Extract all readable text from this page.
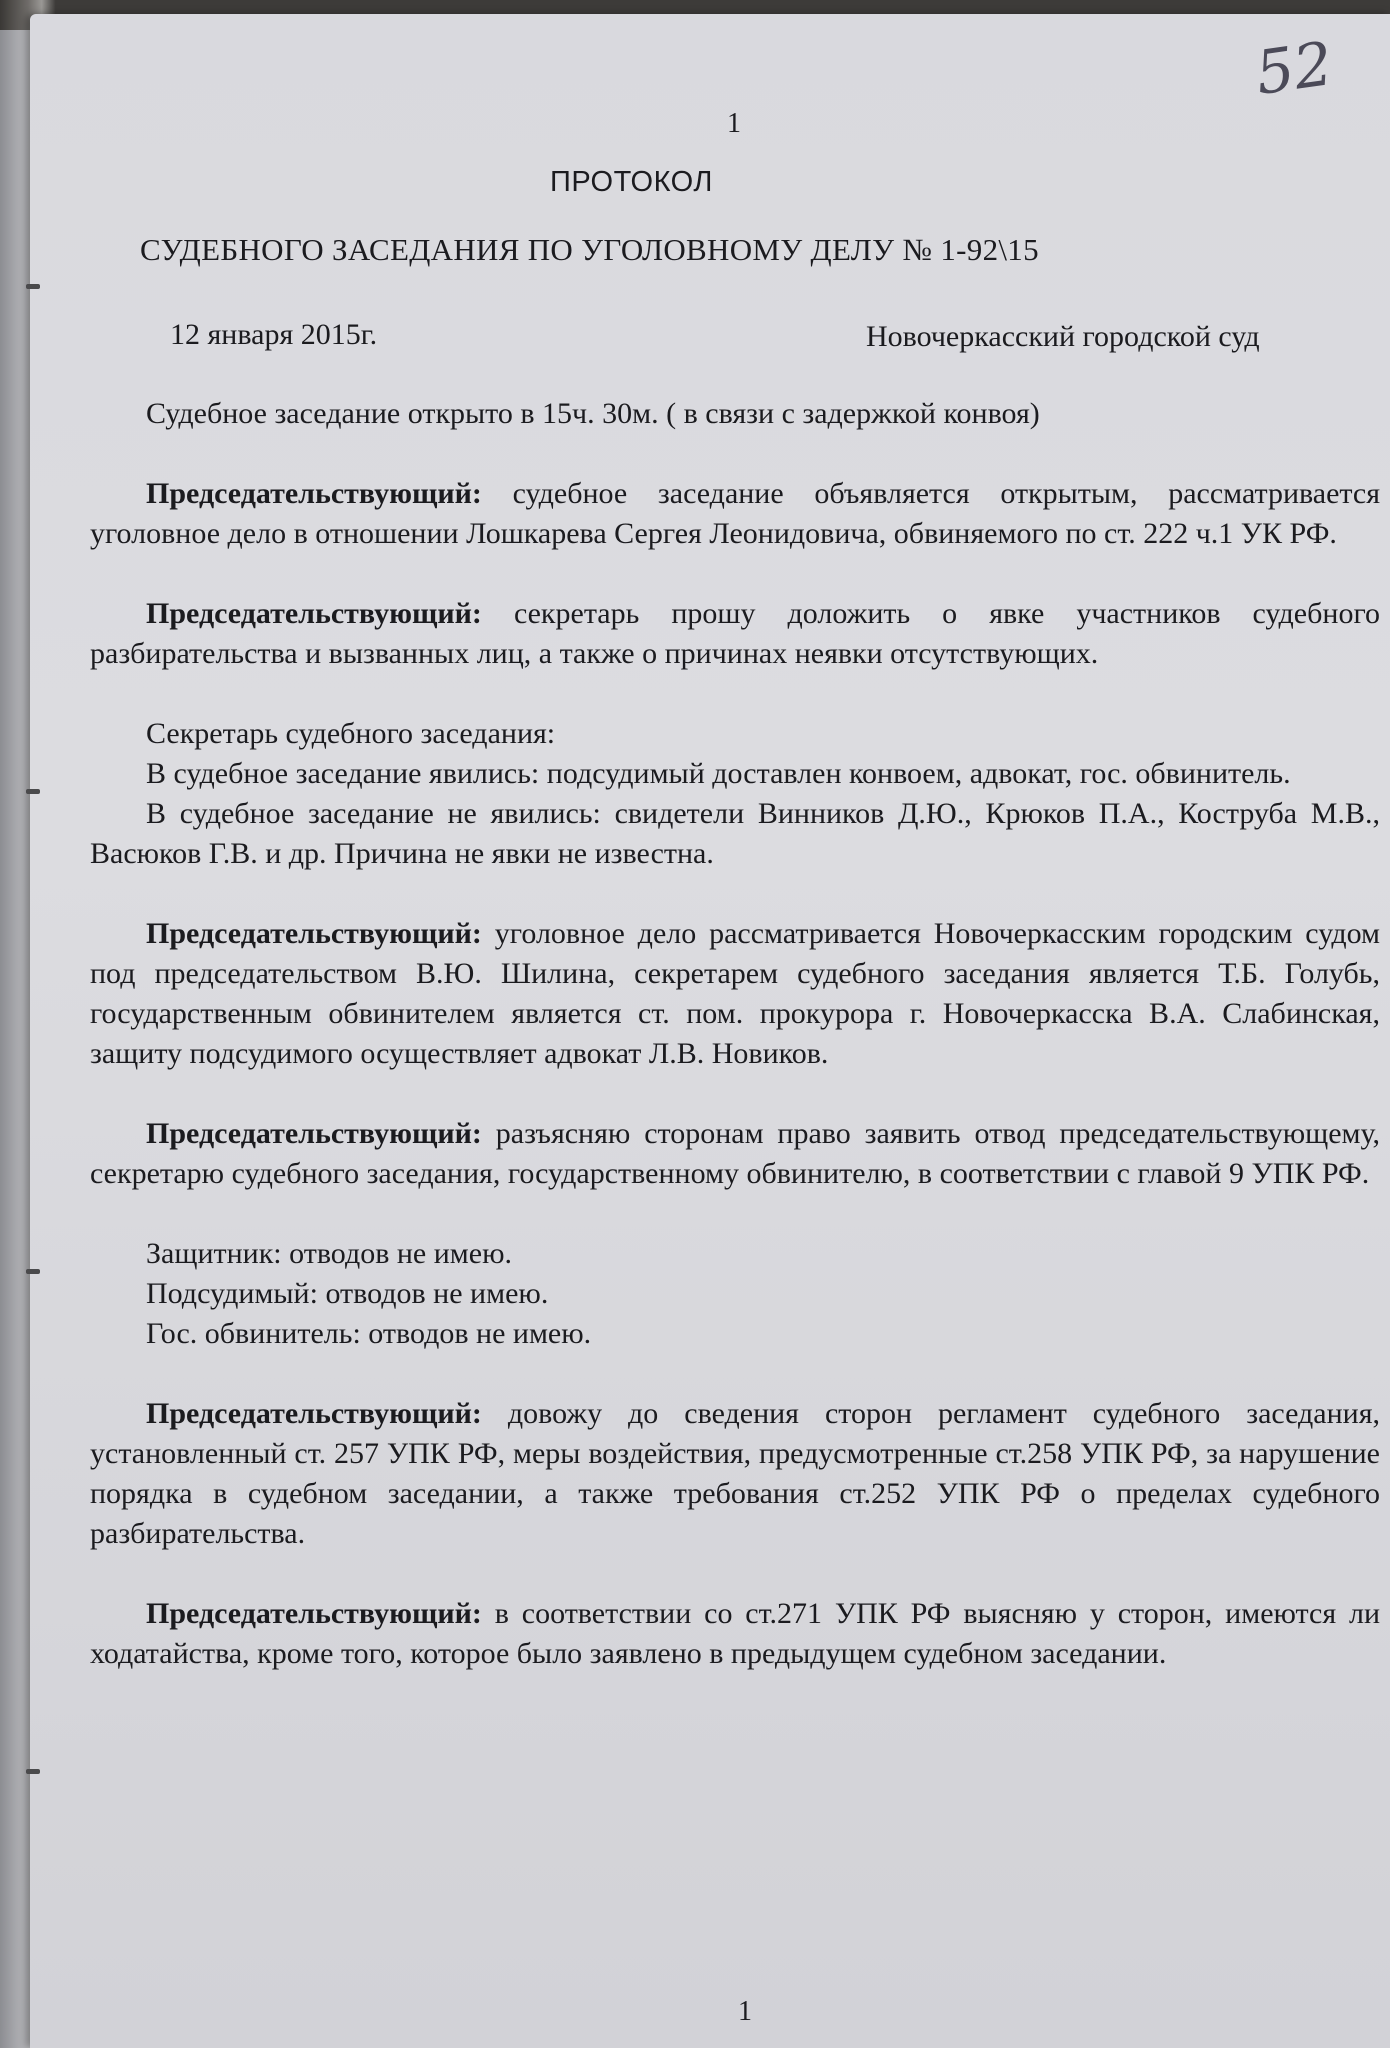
52
1
ПРОТОКОЛ
СУДЕБНОГО ЗАСЕДАНИЯ ПО УГОЛОВНОМУ ДЕЛУ № 1-92\15
12 января 2015г.	Новочеркасский городской суд
Судебное заседание открыто в 15ч. 30м. ( в связи с задержкой конвоя)

Председательствующий: судебное заседание объявляется открытым, рассматривается уголовное дело в отношении Лошкарева Сергея Леонидовича, обвиняемого по ст. 222 ч.1 УК РФ.

Председательствующий: секретарь прошу доложить о явке участников судебного разбирательства и вызванных лиц, а также о причинах неявки отсутствующих.

Секретарь судебного заседания:
В судебное заседание явились: подсудимый доставлен конвоем, адвокат, гос. обвинитель.

В судебное заседание не явились: свидетели Винников Д.Ю., Крюков П.А., Коструба М.В., Васюков Г.В. и др. Причина не явки не известна.

Председательствующий: уголовное дело рассматривается Новочеркасским городским судом под председательством В.Ю. Шилина, секретарем судебного заседания является Т.Б. Голубь, государственным обвинителем является ст. пом. прокурора г. Новочеркасска В.А. Слабинская, защиту подсудимого осуществляет адвокат Л.В. Новиков.

Председательствующий: разъясняю сторонам право заявить отвод председательствующему, секретарю судебного заседания, государственному обвинителю, в соответствии с главой 9 УПК РФ.

Защитник: отводов не имею.
Подсудимый: отводов не имею.
Гос. обвинитель: отводов не имею.

Председательствующий: довожу до сведения сторон регламент судебного заседания, установленный ст. 257 УПК РФ, меры воздействия, предусмотренные ст.258 УПК РФ, за нарушение порядка в судебном заседании, а также требования ст.252 УПК РФ о пределах судебного разбирательства.

Председательствующий: в соответствии со ст.271 УПК РФ выясняю у сторон, имеются ли ходатайства, кроме того, которое было заявлено в предыдущем судебном заседании.

1
